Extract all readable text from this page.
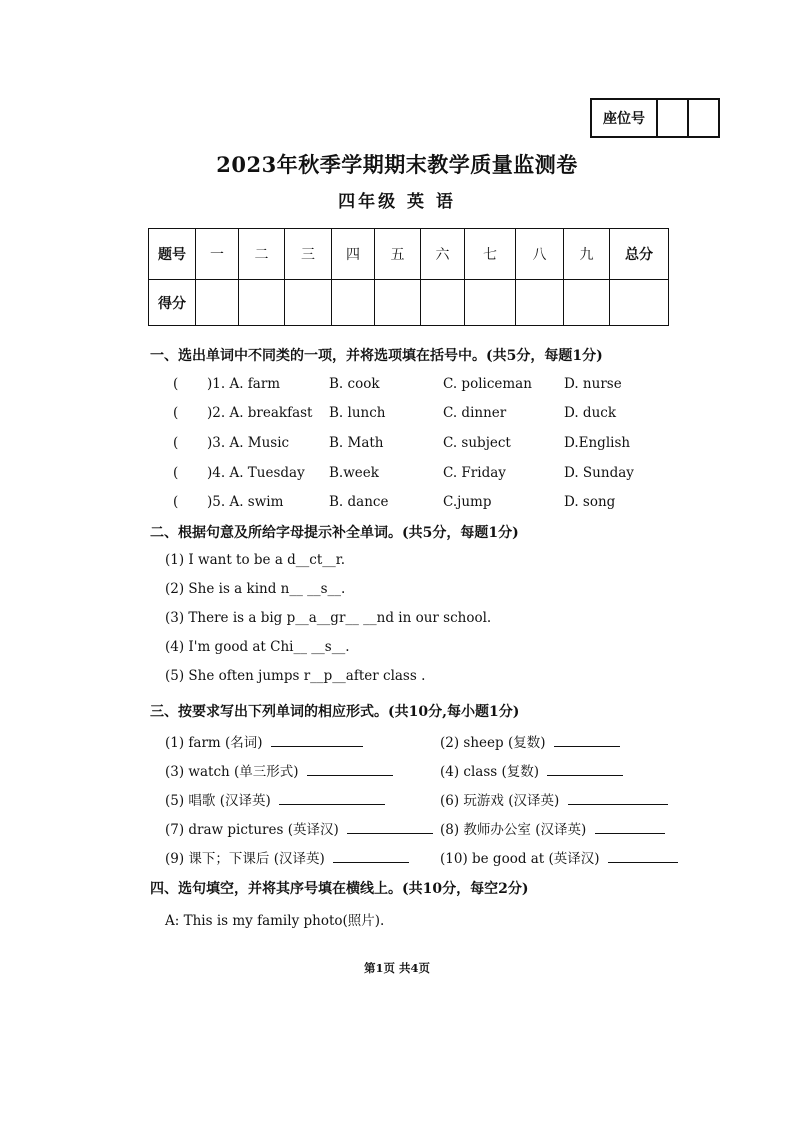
座位号
2023年秋季学期期末教学质量监测卷
四年级 英 语
题号	一	二	三	四	五	六	七	八	九	总分
得分										
一、选出单词中不同类的一项，并将选项填在括号中。(共5分，每题1分)
( )1. A. farm	B. cook	C. policeman D. nurse
( )2. A. breakfast B. lunch	C. dinner	D. duck
( )3. A. Music	B. Math	C. subject	D.English
( )4. A. Tuesday B.week	C. Friday	D. Sunday
( )5. A. swim	B. dance	C.jump	D. song
二、根据句意及所给字母提示补全单词。(共5分，每题1分)
(1) I want to be a d__ct__r.
(2) She is a kind n__ __s__.
(3) There is a big p__a__gr__ __nd in our school.
(4) I'm good at Chi__ __s__.
(5) She often jumps r__p__after class .
三、按要求写出下列单词的相应形式。(共10分,每小题1分)
(1) farm (名词)	(2) sheep (复数)
(3) watch (单三形式)	(4) class (复数)
(5) 唱歌 (汉译英)	(6) 玩游戏 (汉译英)
(7) draw pictures (英译汉)	(8) 教师办公室 (汉译英)
(9) 课下；下课后 (汉译英)	(10) be good at (英译汉)
四、选句填空，并将其序号填在横线上。(共10分，每空2分)
A: This is my family photo(照片).
第1页 共4页
